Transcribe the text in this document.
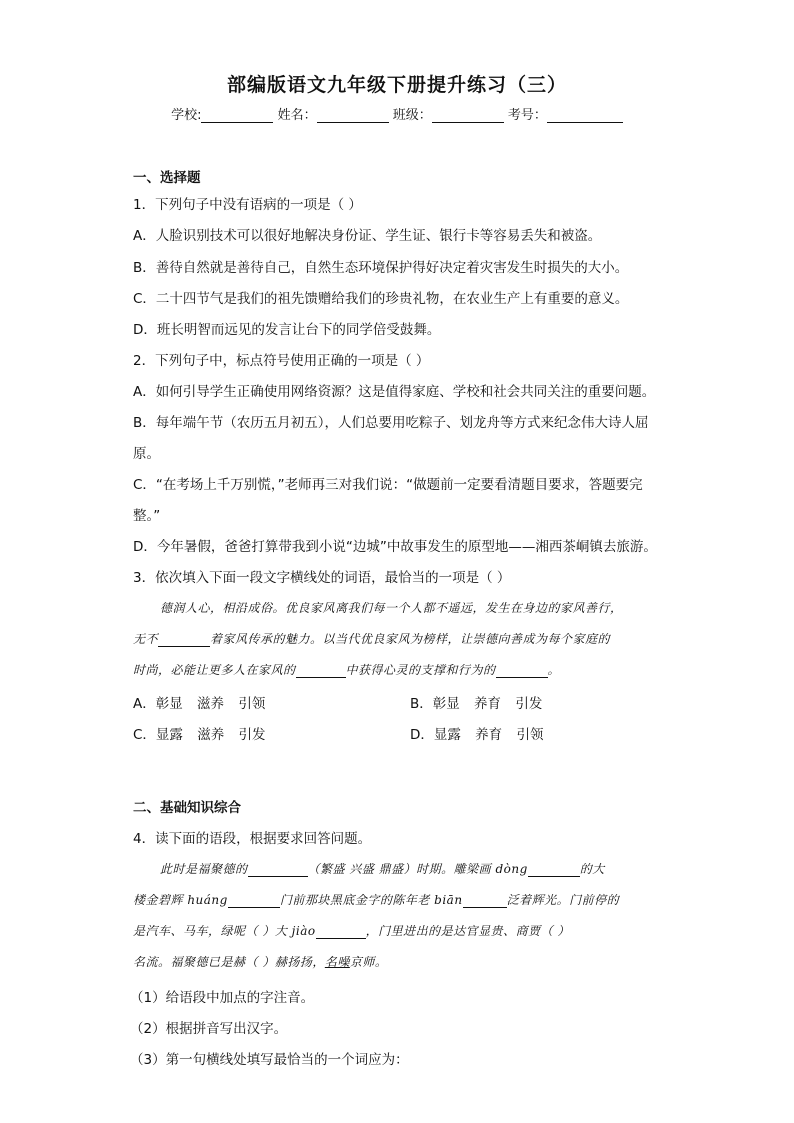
部编版语文九年级下册提升练习（三）
学校:	姓名：	班级：	考号：
一、选择题
1．下列句子中没有语病的一项是（ ）
A．人脸识别技术可以很好地解决身份证、学生证、银行卡等容易丢失和被盗。
B．善待自然就是善待自己，自然生态环境保护得好决定着灾害发生时损失的大小。
C．二十四节气是我们的祖先馈赠给我们的珍贵礼物，在农业生产上有重要的意义。
D．班长明智而远见的发言让台下的同学倍受鼓舞。
2．下列句子中，标点符号使用正确的一项是（ ）
A．如何引导学生正确使用网络资源？这是值得家庭、学校和社会共同关注的重要问题。
B．每年端午节（农历五月初五），人们总要用吃粽子、划龙舟等方式来纪念伟大诗人屈
原。
C．“在考场上千万别慌，”老师再三对我们说：“做题前一定要看清题目要求，答题要完
整。”
D．今年暑假，爸爸打算带我到小说“边城”中故事发生的原型地——湘西茶峒镇去旅游。
3．依次填入下面一段文字横线处的词语，最恰当的一项是（ ）
德润人心，相沿成俗。优良家风离我们每一个人都不遥远，发生在身边的家风善行，
无不	着家风传承的魅力。以当代优良家风为榜样，让崇德向善成为每个家庭的
时尚，必能让更多人在家风的	中获得心灵的支撑和行为的	。
A．彰显 滋养 引领	B．彰显 养育 引发
C．显露 滋养 引发	D．显露 养育 引领
二、基础知识综合
4．读下面的语段，根据要求回答问题。
此时是福聚德的	（繁盛 兴盛 鼎盛）时期。雕梁画 dòng	的大
楼金碧辉 huáng	门前那块黑底金字的陈年老 biān	泛着辉光。门前停的
是汽车、马车，绿呢（ ）大 jiào	，门里进出的是达官显贵、商贾（ ）
名流。福聚德已是赫（ ）赫扬扬，名噪京师。
（1）给语段中加点的字注音。
（2）根据拼音写出汉字。
（3）第一句横线处填写最恰当的一个词应为：
